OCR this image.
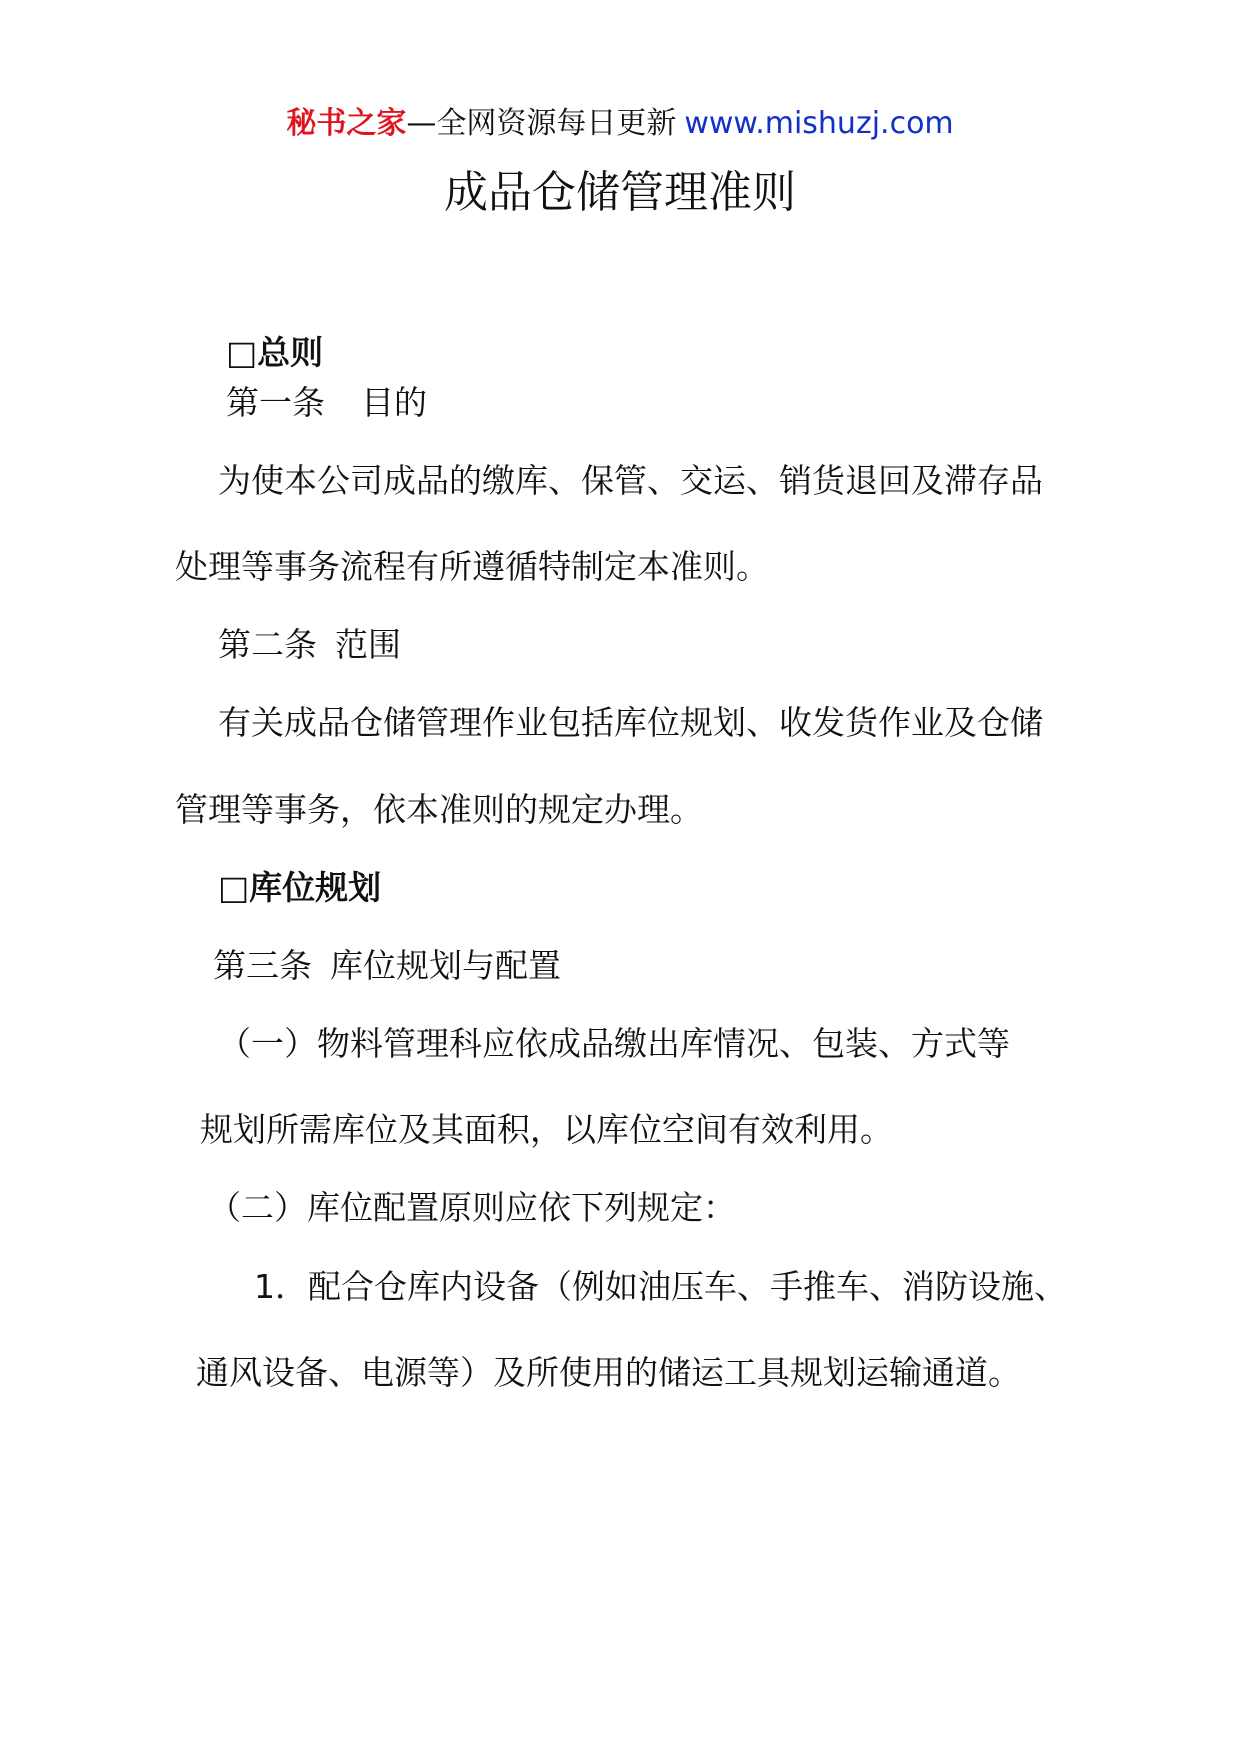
秘书之家—全网资源每日更新 www.mishuzj.com
成品仓储管理准则
□总则
第一条 目的
为使本公司成品的缴库、保管、交运、销货退回及滞存品
处理等事务流程有所遵循特制定本准则。
第二条 范围
有关成品仓储管理作业包括库位规划、收发货作业及仓储
管理等事务，依本准则的规定办理。
□库位规划
第三条 库位规划与配置
（一）物料管理科应依成品缴出库情况、包装、方式等
规划所需库位及其面积，以库位空间有效利用。
（二）库位配置原则应依下列规定：
1．配合仓库内设备（例如油压车、手推车、消防设施、
通风设备、电源等）及所使用的储运工具规划运输通道。
